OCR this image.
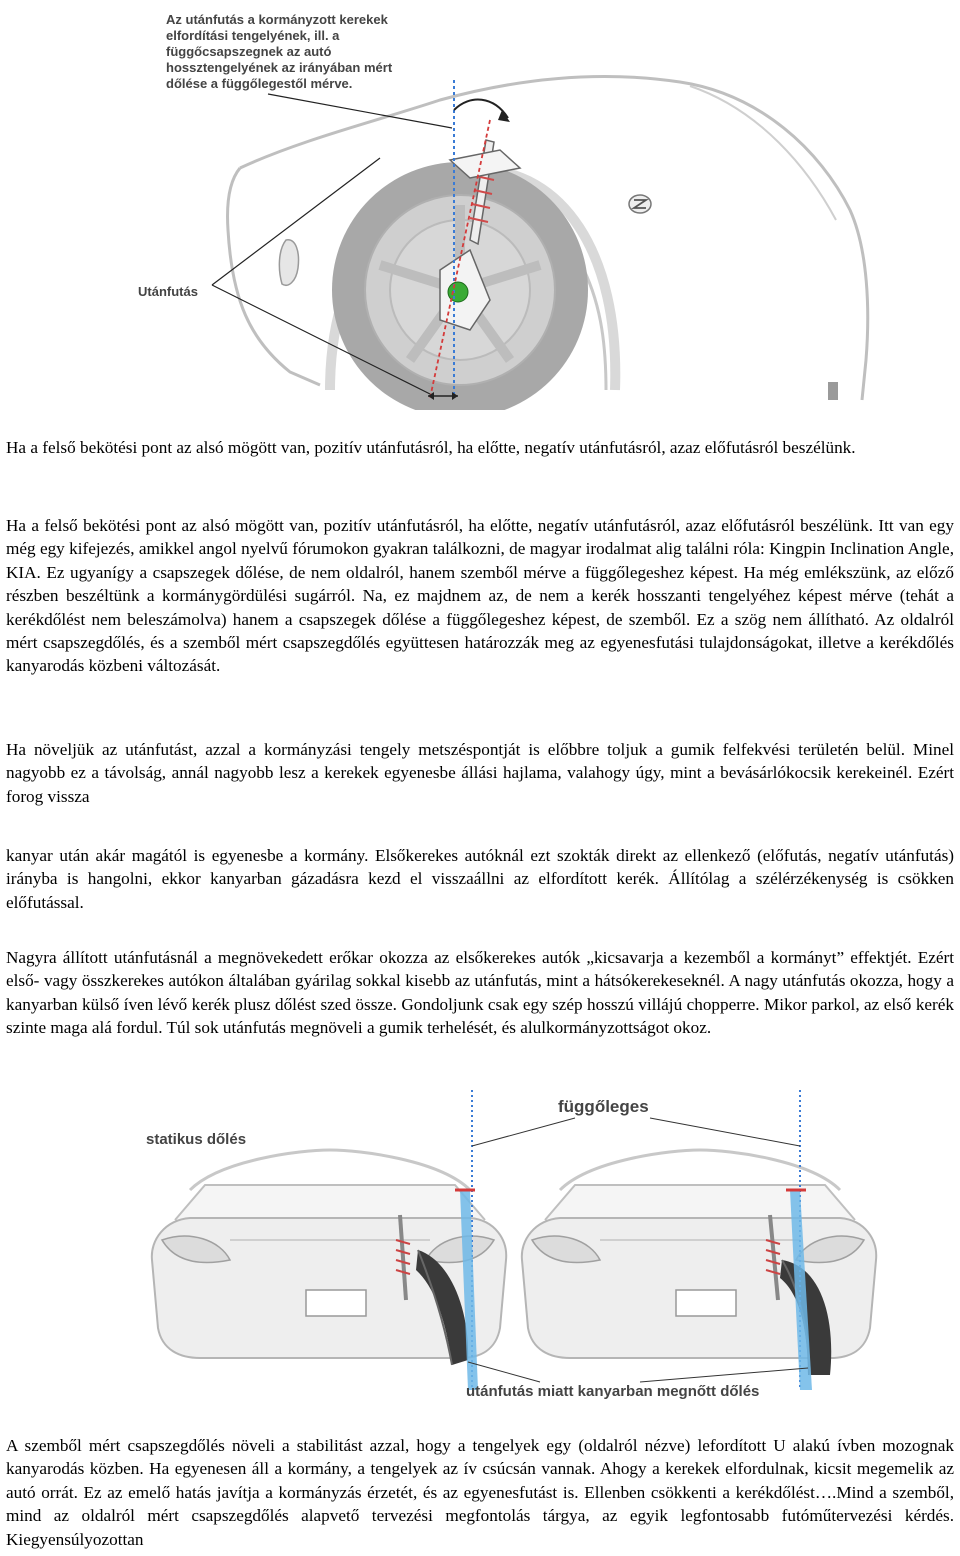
Az utánfutás a kormányzott kerekek
elfordítási tengelyének, ill. a
függőcsapszegnek az autó
hossztengelyének az irányában mért
dőlése a függőlegestől mérve.
Utánfutás

Ha a felső bekötési pont az alsó mögött van, pozitív utánfutásról, ha előtte, negatív utánfutásról, azaz előfutásról beszélünk.

Ha a felső bekötési pont az alsó mögött van, pozitív utánfutásról, ha előtte, negatív utánfutásról, azaz előfutásról beszélünk. Itt van egy még egy kifejezés, amikkel angol nyelvű fórumokon gyakran találkozni, de magyar irodalmat alig találni róla: Kingpin Inclination Angle, KIA. Ez ugyanígy a csapszegek dőlése, de nem oldalról, hanem szemből mérve a függőlegeshez képest. Ha még emlékszünk, az előző részben beszéltünk a kormánygördülési sugárról. Na, ez majdnem az, de nem a kerék hosszanti tengelyéhez képest mérve (tehát a kerékdőlést nem beleszámolva) hanem a csapszegek dőlése a függőlegeshez képest, de szemből. Ez a szög nem állítható. Az oldalról mért csapszegdőlés, és a szemből mért csapszegdőlés együttesen határozzák meg az egyenesfutási tulajdonságokat, illetve a kerékdőlés kanyarodás közbeni változását.

Ha növeljük az utánfutást, azzal a kormányzási tengely metszéspontját is előbbre toljuk a gumik felfekvési területén belül. Minel nagyobb ez a távolság, annál nagyobb lesz a kerekek egyenesbe állási hajlama, valahogy úgy, mint a bevásárlókocsik kerekeinél. Ezért forog vissza

kanyar után akár magától is egyenesbe a kormány. Elsőkerekes autóknál ezt szokták direkt az ellenkező (előfutás, negatív utánfutás) irányba is hangolni, ekkor kanyarban gázadásra kezd el visszaállni az elfordított kerék. Állítólag a szélérzékenység is csökken előfutással.

Nagyra állított utánfutásnál a megnövekedett erőkar okozza az elsőkerekes autók „kicsavarja a kezemből a kormányt” effektjét. Ezért első- vagy összkerekes autókon általában gyárilag sokkal kisebb az utánfutás, mint a hátsókerekeseknél. A nagy utánfutás okozza, hogy a kanyarban külső íven lévő kerék plusz dőlést szed össze. Gondoljunk csak egy szép hosszú villájú chopperre. Mikor parkol, az első kerék szinte maga alá fordul. Túl sok utánfutás megnöveli a gumik terhelését, és alulkormányzottságot okoz.

függőleges
statikus dőlés
utánfutás miatt kanyarban megnőtt dőlés

A szemből mért csapszegdőlés növeli a stabilitást azzal, hogy a tengelyek egy (oldalról nézve) lefordított U alakú ívben mozognak kanyarodás közben. Ha egyenesen áll a kormány, a tengelyek az ív csúcsán vannak. Ahogy a kerekek elfordulnak, kicsit megemelik az autó orrát. Ez az emelő hatás javítja a kormányzás érzetét, és az egyenesfutást is. Ellenben csökkenti a kerékdőlést….Mind a szemből, mind az oldalról mért csapszegdőlés alapvető tervezési megfontolás tárgya, az egyik legfontosabb futóműtervezési kérdés. Kiegyensúlyozottan
